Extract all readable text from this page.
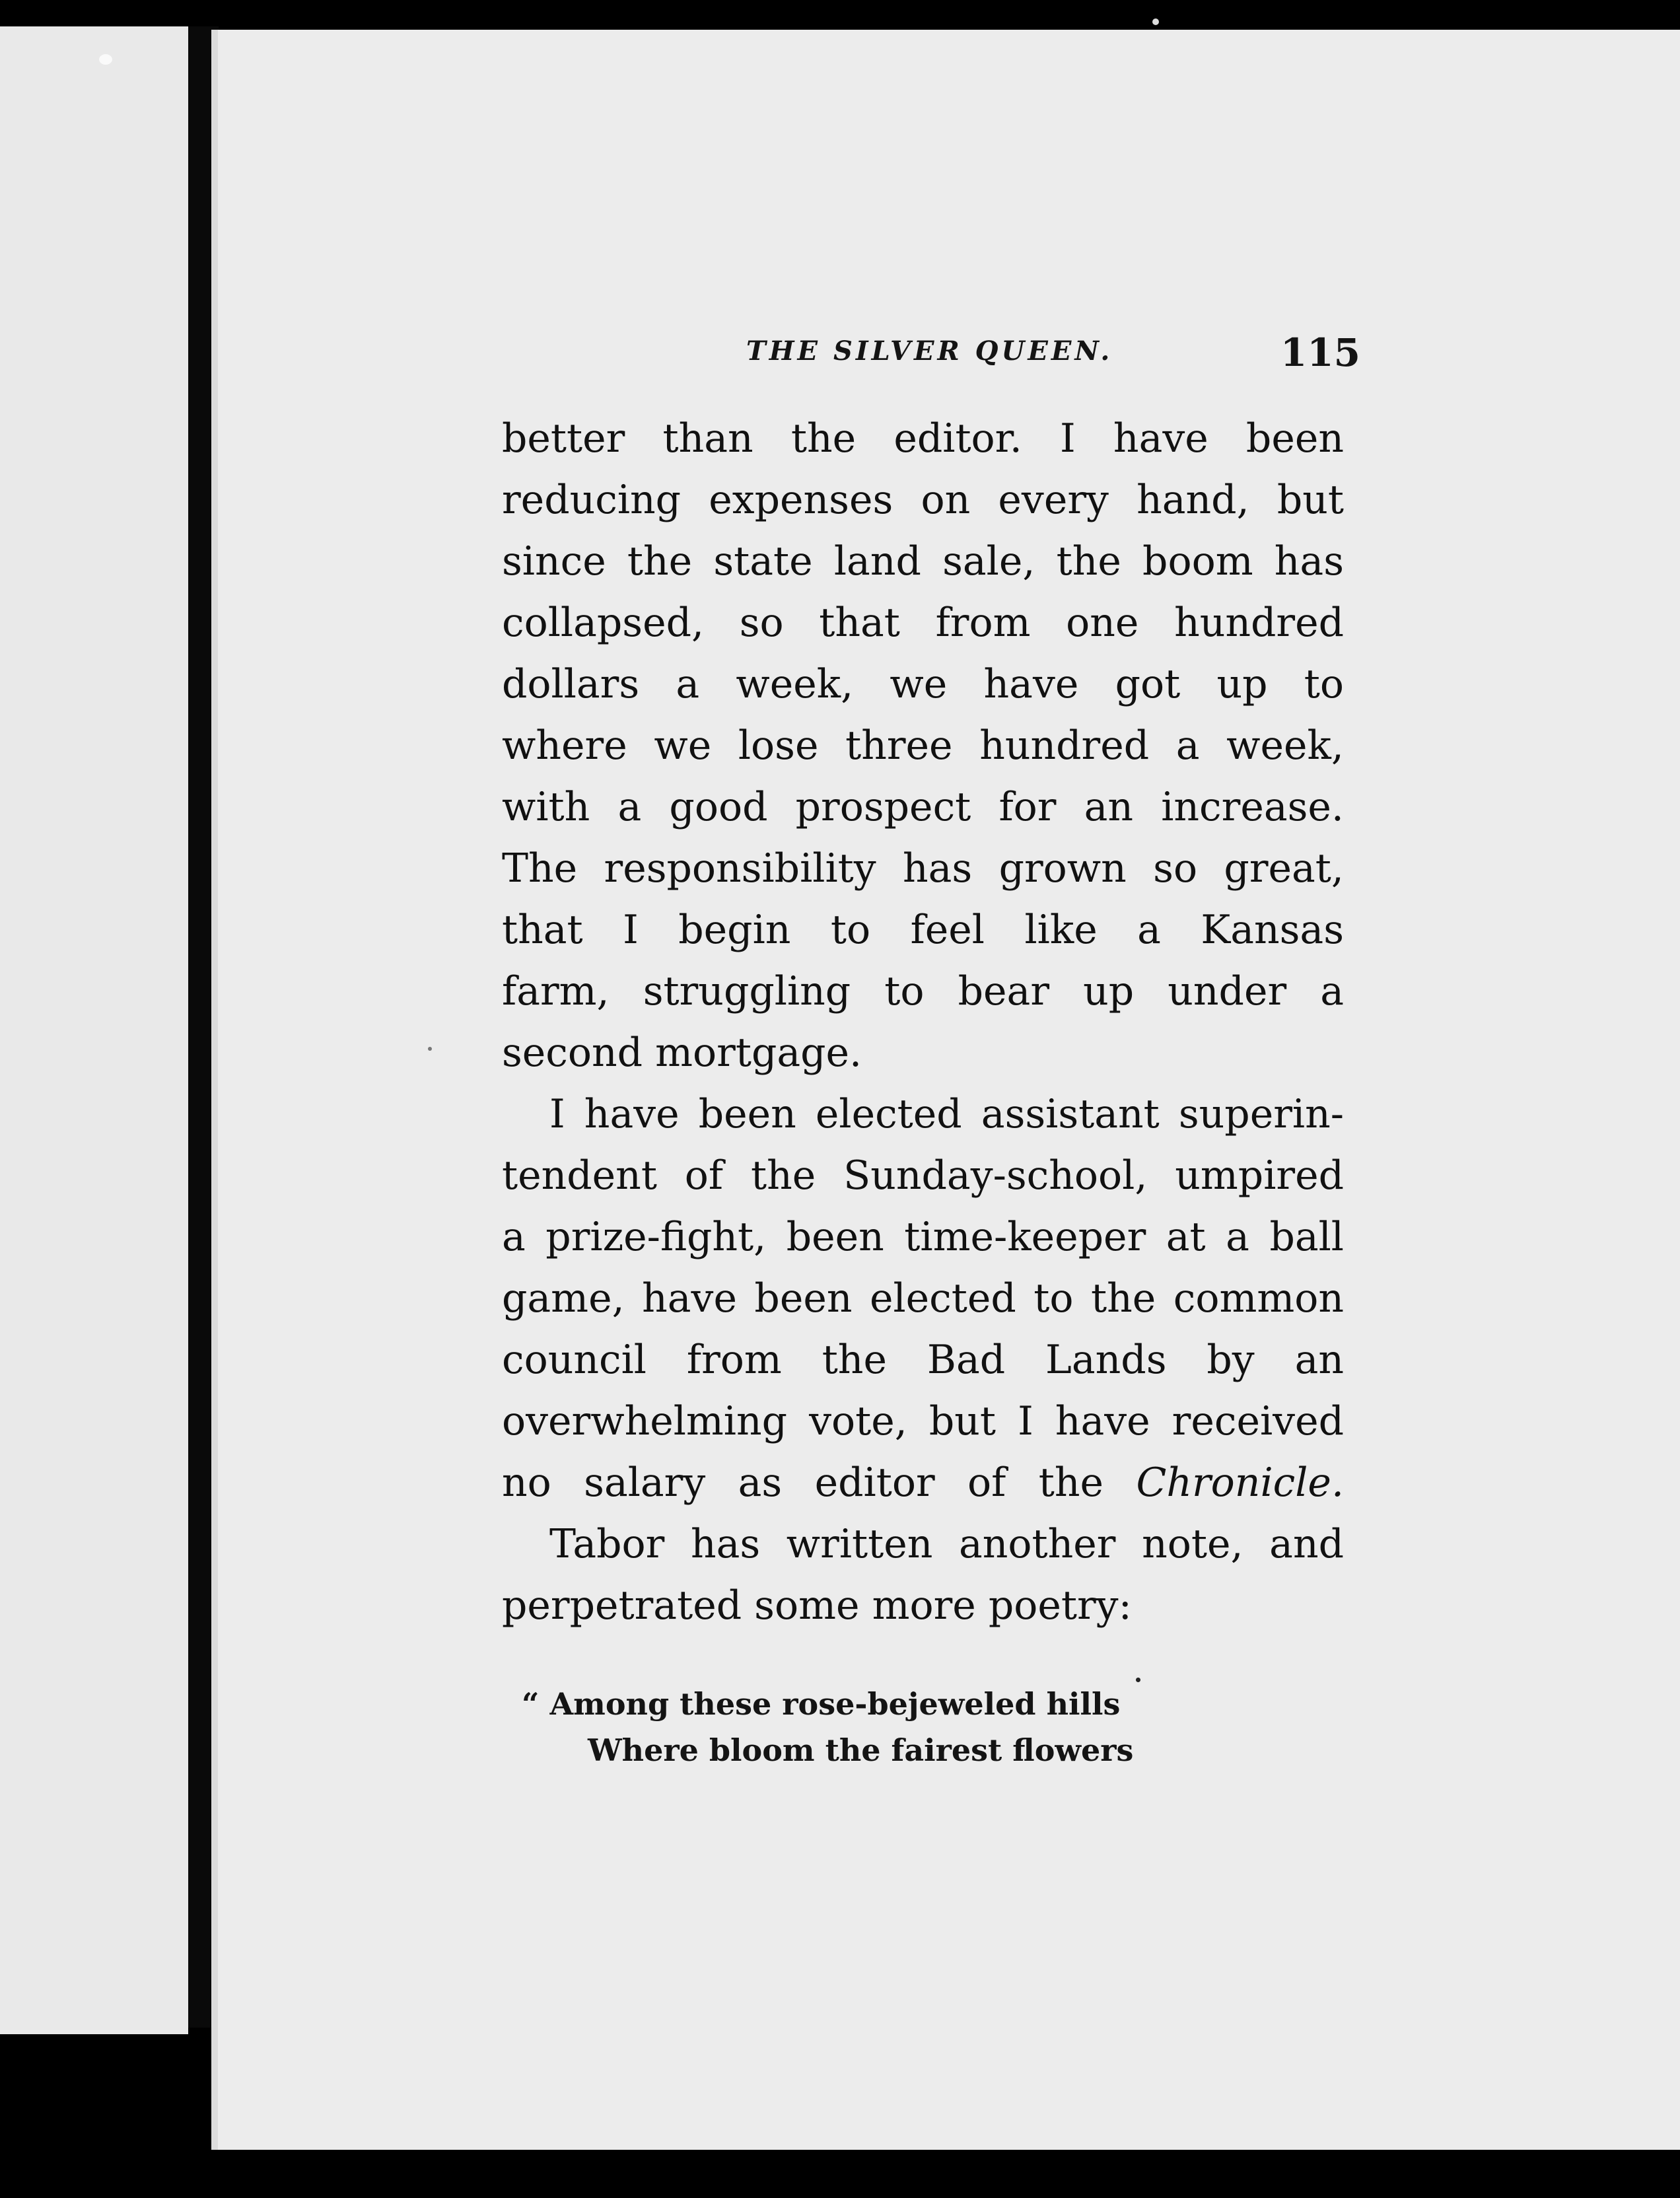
THE SILVER QUEEN.	115
better than the editor. I have been
reducing expenses on every hand, but
since the state land sale, the boom has
collapsed, so that from one hundred
dollars a week, we have got up to
where we lose three hundred a week,
with a good prospect for an increase.
The responsibility has grown so great,
that I begin to feel like a Kansas
farm, struggling to bear up under a
second mortgage.
I have been elected assistant superin-
tendent of the Sunday-school, umpired
a prize-fight, been time-keeper at a ball
game, have been elected to the common
council from the Bad Lands by an
overwhelming vote, but I have received
no salary as editor of the Chronicle.
Tabor has written another note, and
perpetrated some more poetry:
“ Among these rose-bejeweled hills
Where bloom the fairest flowers
